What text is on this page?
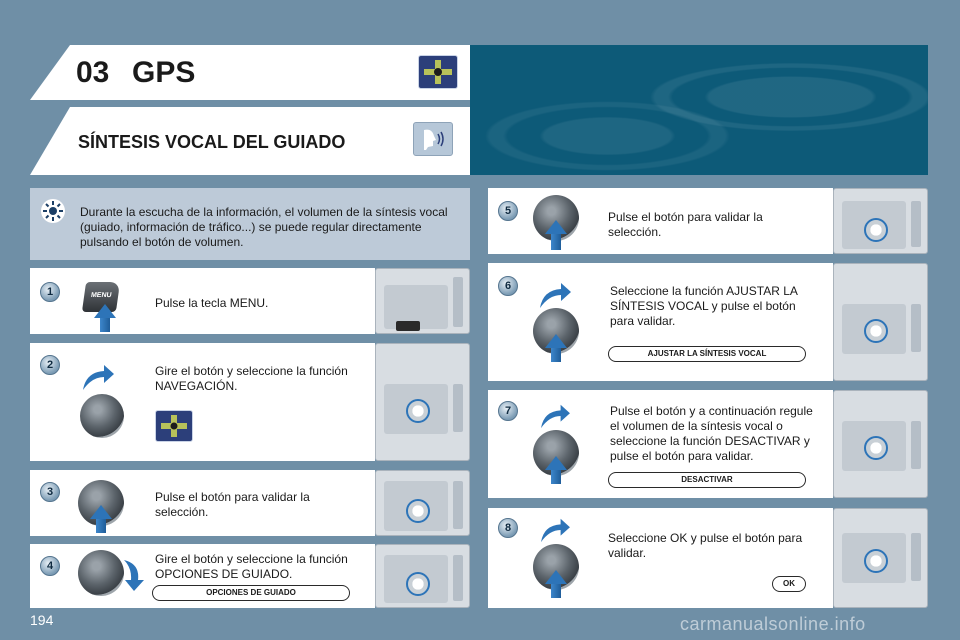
03 GPS
SÍNTESIS VOCAL DEL GUIADO
Durante la escucha de la información, el volumen de la síntesis vocal (guiado, información de tráfico...) se puede regular directamente pulsando el botón de volumen.
1	MENU
Pulse la tecla MENU.
2	Gire el botón y seleccione la función NAVEGACIÓN.
3	Pulse el botón para validar la selección.
4	Gire el botón y seleccione la función OPCIONES DE GUIADO.
OPCIONES DE GUIADO
5	Pulse el botón para validar la selección.
6	Seleccione la función AJUSTAR LA SÍNTESIS VOCAL y pulse el botón para validar.
AJUSTAR LA SÍNTESIS VOCAL
7	Pulse el botón y a continuación regule el volumen de la síntesis vocal o seleccione la función DESACTIVAR y pulse el botón para validar.
DESACTIVAR
8
Seleccione OK y pulse el botón para validar.
OK
194	carmanualsonline.info
